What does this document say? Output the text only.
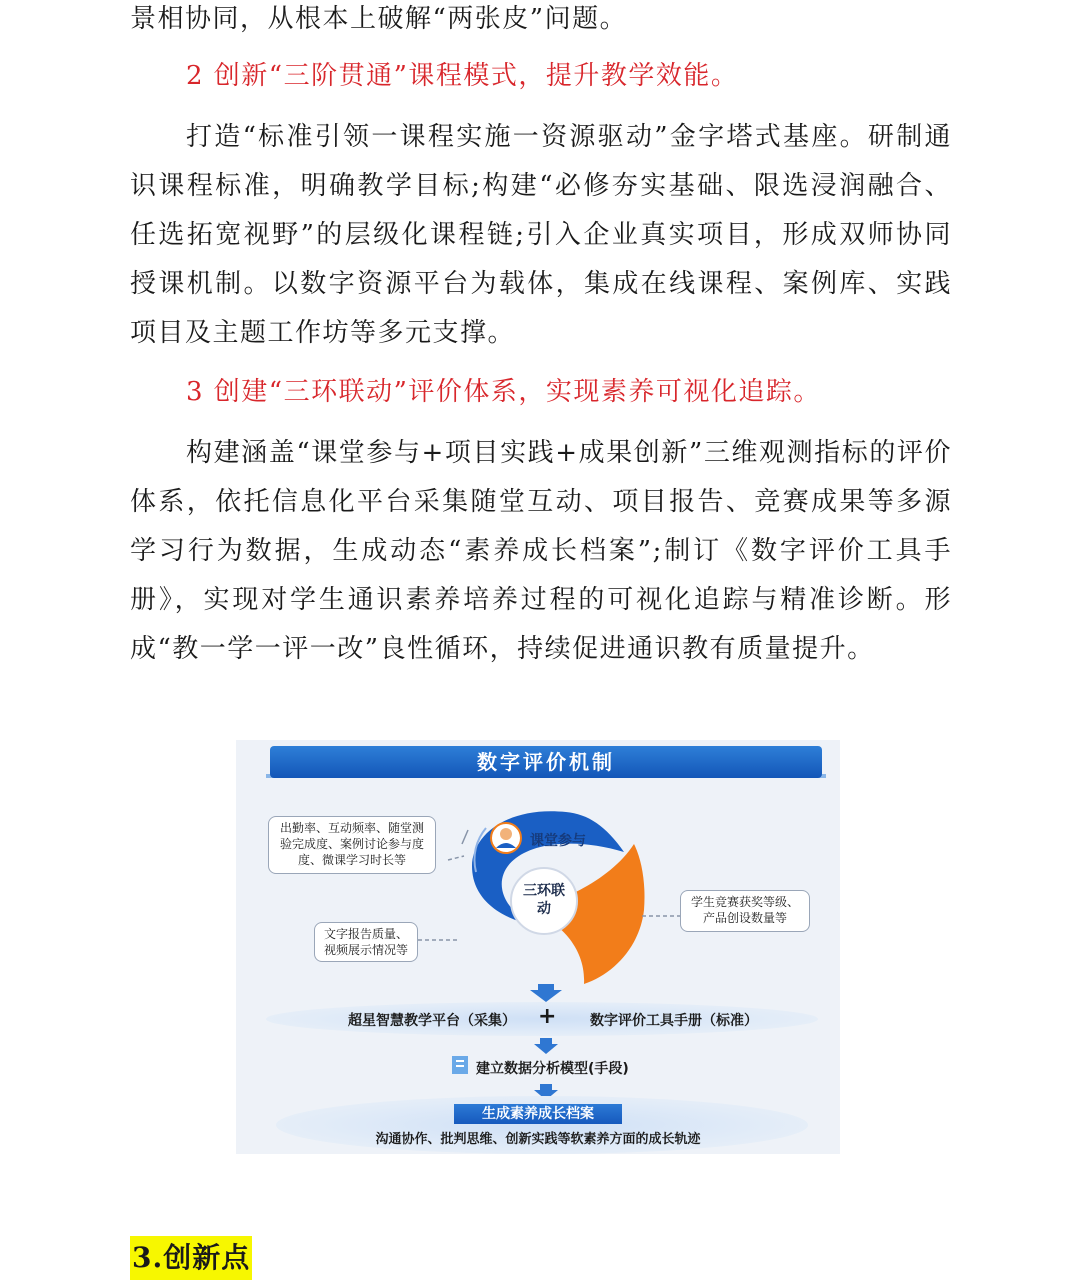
景相协同，从根本上破解“两张皮”问题。

2 创新“三阶贯通”课程模式，提升教学效能。

打造“标准引领一课程实施一资源驱动”金字塔式基座。研制通识课程标准，明确教学目标;构建“必修夯实基础、限选浸润融合、任选拓宽视野”的层级化课程链;引入企业真实项目，形成双师协同授课机制。以数字资源平台为载体，集成在线课程、案例库、实践项目及主题工作坊等多元支撑。

3 创建“三环联动”评价体系，实现素养可视化追踪。

构建涵盖“课堂参与+项目实践+成果创新”三维观测指标的评价体系，依托信息化平台采集随堂互动、项目报告、竞赛成果等多源学习行为数据，生成动态“素养成长档案”;制订《数字评价工具手册》，实现对学生通识素养培养过程的可视化追踪与精准诊断。形成“教一学一评一改”良性循环，持续促进通识教有质量提升。

数字评价机制
出勤率、互动频率、随堂测验完成度、案例讨论参与度度、微课学习时长等
文字报告质量、视频展示情况等
学生竞赛获奖等级、产品创设数量等
课堂参与
三环联动
超星智慧教学平台（采集） + 数字评价工具手册（标准）
建立数据分析模型(手段)
生成素养成长档案
沟通协作、批判思维、创新实践等软素养方面的成长轨迹
3.创新点
